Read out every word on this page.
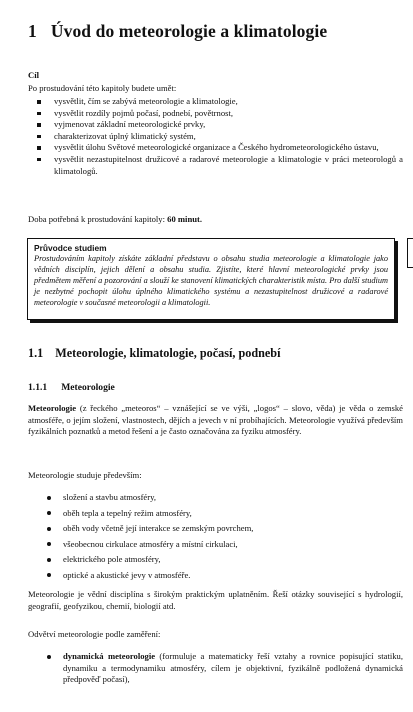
1 Úvod do meteorologie a klimatologie
Cíl
Po prostudování této kapitoly budete umět:
vysvětlit, čím se zabývá meteorologie a klimatologie,
vysvětlit rozdíly pojmů počasí, podnebí, povětrnost,
vyjmenovat základní meteorologické prvky,
charakterizovat úplný klimatický systém,
vysvětlit úlohu Světové meteorologické organizace a Českého hydrometeorologického ústavu,
vysvětlit nezastupitelnost družicové a radarové meteorologie a klimatologie v práci meteorologů a klimatologů.
Doba potřebná k prostudování kapitoly: 60 minut.
Průvodce studiem
Prostudováním kapitoly získáte základní představu o obsahu studia meteorologie a klimatologie jako vědních disciplín, jejich dělení a obsahu studia. Zjistíte, které hlavní meteorologické prvky jsou předmětem měření a pozorování a slouží ke stanovení klimatických charakteristik místa. Pro další studium je nezbytné pochopit úlohu úplného klimatického systému a nezastupitelnost družicové a radarové meteorologie v současné meteorologii a klimatologii.
1.1 Meteorologie, klimatologie, počasí, podnebí
1.1.1 Meteorologie
Meteorologie (z řeckého „meteoros“ – vznášející se ve výši, „logos“ – slovo, věda) je věda o zemské atmosféře, o jejím složení, vlastnostech, dějích a jevech v ní probíhajících. Meteorologie využívá především fyzikálních poznatků a metod řešení a je často označována za fyziku atmosféry.
Meteorologie studuje především:
složení a stavbu atmosféry,
oběh tepla a tepelný režim atmosféry,
oběh vody včetně její interakce se zemským povrchem,
všeobecnou cirkulace atmosféry a místní cirkulaci,
elektrického pole atmosféry,
optické a akustické jevy v atmosféře.
Meteorologie je vědní disciplína s širokým praktickým uplatněním. Řeší otázky související s hydrologií, geografií, geofyzikou, chemií, biologií atd.
Odvětví meteorologie podle zaměření:
dynamická meteorologie (formuluje a matematicky řeší vztahy a rovnice popisující statiku, dynamiku a termodynamiku atmosféry, cílem je objektivní, fyzikálně podložená dynamická předpověď počasí),
